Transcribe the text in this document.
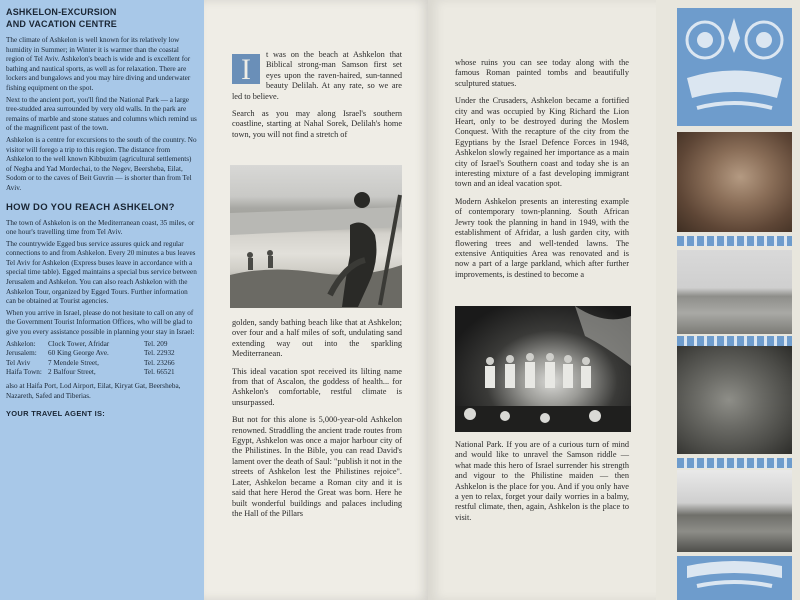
ASHKELON-EXCURSION
AND VACATION CENTRE

The climate of Ashkelon is well known for its relatively low humidity in Summer; in Winter it is warmer than the coastal region of Tel Aviv. Ashkelon's beach is wide and is excellent for bathing and nautical sports, as well as for relaxation. There are lockers and bungalows and you may hire diving and underwater fishing equipment on the spot.

Next to the ancient port, you'll find the National Park — a large tree-studded area surrounded by very old walls. In the park are remains of marble and stone statues and columns which remind us of the magnificent past of the town.

Ashkelon is a centre for excursions to the south of the country. No visitor will forego a trip to this region. The distance from Ashkelon to the well known Kibbuzim (agricultural settlements) of Negba and Yad Mordechai, to the Negev, Beersheba, Eilat, Sodom or to the caves of Beit Guvrin — is shorter than from Tel Aviv.

HOW DO YOU REACH ASHKELON?

The town of Ashkelon is on the Mediterranean coast, 35 miles, or one hour's travelling time from Tel Aviv.

The countrywide Egged bus service assures quick and regular connections to and from Ashkelon. Every 20 minutes a bus leaves Tel Aviv for Ashkelon (Express buses leave in accordance with a special time table). Egged maintains a special bus service between Jerusalem and Ashkelon. You can also reach Ashkelon with the Ashkelon Tour, organized by Egged Tours. Further information can be obtained at Tourist agencies.

When you arrive in Israel, please do not hesitate to call on any of the Government Tourist Information Offices, who will be glad to give you every assistance possible in planning your stay in Israel:

Ashkelon:	Clock Tower, Afridar	Tel. 209
Jerusalem:	60 King George Ave.	Tel. 22932
Tel Aviv	7 Mendele Street,	Tel. 23266
Haifa Town: 2 Balfour Street,	Tel. 66521

also at Haifa Port, Lod Airport, Eilat, Kiryat Gat, Beersheba, Nazareth, Safed and Tiberias.

YOUR TRAVEL AGENT IS:

I	t was on the beach at Ashkelon that Biblical strong-man Samson first set eyes upon the raven-haired, sun-tanned beauty Delilah. At any rate, so we are led to believe.

Search as you may along Israel's southern coastline, starting at Nahal Sorek, Delilah's home town, you will not find a stretch of

golden, sandy bathing beach like that at Ashkelon; over four and a half miles of soft, undulating sand extending way out into the sparkling Mediterranean.

This ideal vacation spot received its lilting name from that of Ascalon, the goddess of health... for Ashkelon's comfortable, restful climate is unsurpassed.

But not for this alone is 5,000-year-old Ashkelon renowned. Straddling the ancient trade routes from Egypt, Ashkelon was once a major harbour city of the Philistines. In the Bible, you can read David's lament over the death of Saul: "publish it not in the streets of Ashkelon lest the Philistines rejoice". Later, Ashkelon became a Roman city and it is said that here Herod the Great was born. Here he built wonderful buildings and palaces including the Hall of the Pillars

whose ruins you can see today along with the famous Roman painted tombs and beautifully sculptured statues.

Under the Crusaders, Ashkelon became a fortified city and was occupied by King Richard the Lion Heart, only to be destroyed during the Moslem Conquest. With the recapture of the city from the Egyptians by the Israel Defence Forces in 1948, Ashkelon slowly regained her importance as a main city of Israel's Southern coast and today she is an interesting mixture of a fast developing immigrant town and an ideal vacation spot.

Modern Ashkelon presents an interesting example of contemporary town-planning. South African Jewry took the planning in hand in 1949, with the establishment of Afridar, a lush garden city, with flowering trees and well-tended lawns. The extensive Antiquities Area was renovated and is now a part of a large parkland, which after further improvements, is destined to become a

National Park. If you are of a curious turn of mind and would like to unravel the Samson riddle — what made this hero of Israel surrender his strength and vigour to the Philistine maiden — then Ashkelon is the place for you. And if you only have a yen to relax, forget your daily worries in a balmy, restful climate, then, again, Ashkelon is the place to visit.
